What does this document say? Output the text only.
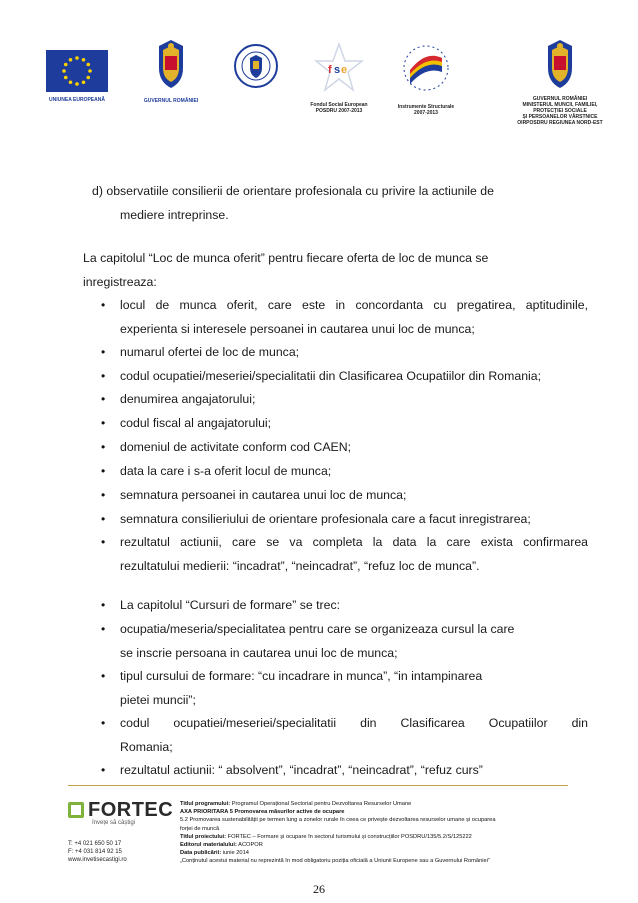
UNIUNEA EUROPEANĂ	GUVERNUL ROMÂNIEI
f s e
Fondul Social European
POSDRU 2007-2013
Instrumente Structurale
2007-2013
GUVERNUL ROMÂNIEI
MINISTERUL MUNCII, FAMILIEI,
PROTECȚIEI SOCIALE
ȘI PERSOANELOR VÂRSTNICE
OIRPOSDRU REGIUNEA NORD-EST
d) observatiile consilierii de orientare profesionala cu privire la actiunile de
mediere intreprinse.
La capitolul “Loc de munca oferit” pentru fiecare oferta de loc de munca se
inregistreaza:
• locul de munca oferit, care este in concordanta cu pregatirea, aptitudinile,
experienta si interesele persoanei in cautarea unui loc de munca;
• numarul ofertei de loc de munca;
• codul ocupatiei/meseriei/specialitatii din Clasificarea Ocupatiilor din Romania;
• denumirea angajatorului;
• codul fiscal al angajatorului;
• domeniul de activitate conform cod CAEN;
• data la care i s-a oferit locul de munca;
• semnatura persoanei in cautarea unui loc de munca;
• semnatura consilieriului de orientare profesionala care a facut inregistrarea;
• rezultatul actiunii, care se va completa la data la care exista confirmarea
rezultatului medierii: “incadrat”, “neincadrat”, “refuz loc de munca”.
• La capitolul “Cursuri de formare” se trec:
• ocupatia/meseria/specialitatea pentru care se organizeaza cursul la care
se inscrie persoana in cautarea unui loc de munca;
• tipul cursului de formare: “cu incadrare in munca”, “in intampinarea
pietei muncii”;
• codul ocupatiei/meseriei/specialitatii din Clasificarea Ocupatiilor din
Romania;
• rezultatul actiunii: “ absolvent”, “incadrat”, “neincadrat”, “refuz curs”
FORTEC
învețe să câștigi
T: +4 021 650 50 17
F: +4 031 814 92 15
www.invetisecastigi.ro
Titlul programului: Programul Operațional Sectorial pentru Dezvoltarea Resurselor Umane
AXA PRIORITARA 5 Promovarea măsurilor active de ocupare
5.2 Promovarea sustenabilității pe termen lung a zonelor rurale în ceea ce privește dezvoltarea resurselor umane și ocuparea
forței de muncă
Titlul proiectului: FORTEC – Formare și ocupare în sectorul turismului și construcțiilor POSDRU/135/5.2/S/125222
Editorul materialului: ACOPOR
Data publicării: iunie 2014
„Conținutul acestui material nu reprezintă în mod obligatoriu poziția oficială a Uniunii Europene sau a Guvernului României”
26
